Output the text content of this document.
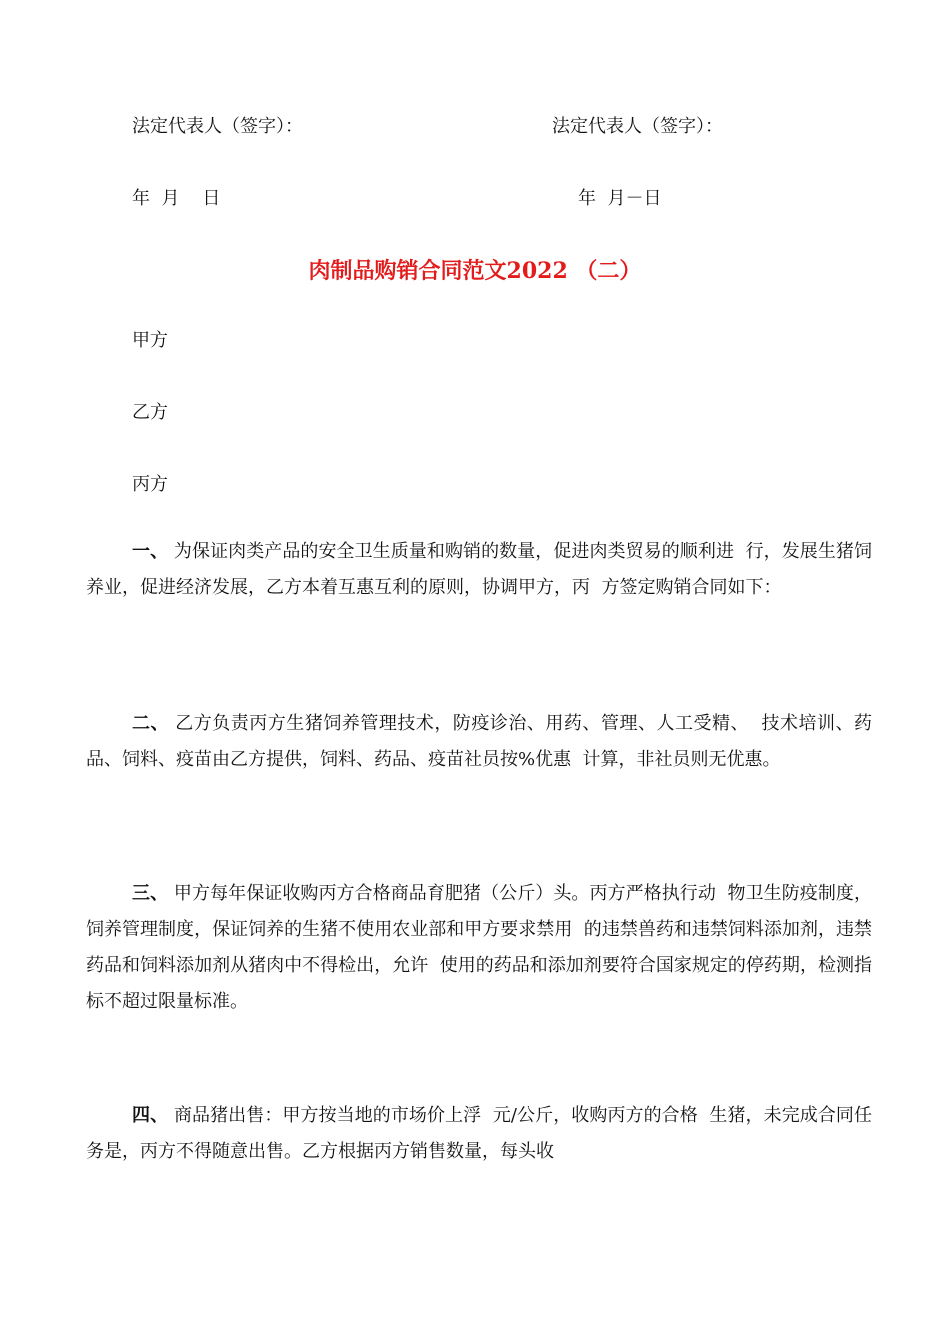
法定代表人（签字）：	法定代表人（签字）：
年  月    日	年  月－日
肉制品购销合同范文2022 （二）
甲方
乙方
丙方
一、 为保证肉类产品的安全卫生质量和购销的数量，促进肉类贸易的顺利进  行，发展生猪饲养业，促进经济发展，乙方本着互惠互利的原则，协调甲方，丙  方签定购销合同如下：
二、 乙方负责丙方生猪饲养管理技术，防疫诊治、用药、管理、人工受精、  技术培训、药品、饲料、疫苗由乙方提供，饲料、药品、疫苗社员按%优惠  计算，非社员则无优惠。
三、 甲方每年保证收购丙方合格商品育肥猪（公斤）头。丙方严格执行动  物卫生防疫制度，饲养管理制度，保证饲养的生猪不使用农业部和甲方要求禁用  的违禁兽药和违禁饲料添加剂，违禁药品和饲料添加剂从猪肉中不得检出，允许  使用的药品和添加剂要符合国家规定的停药期，检测指标不超过限量标准。
四、 商品猪出售：甲方按当地的市场价上浮  元/公斤，收购丙方的合格  生猪，未完成合同任务是，丙方不得随意出售。乙方根据丙方销售数量，每头收
